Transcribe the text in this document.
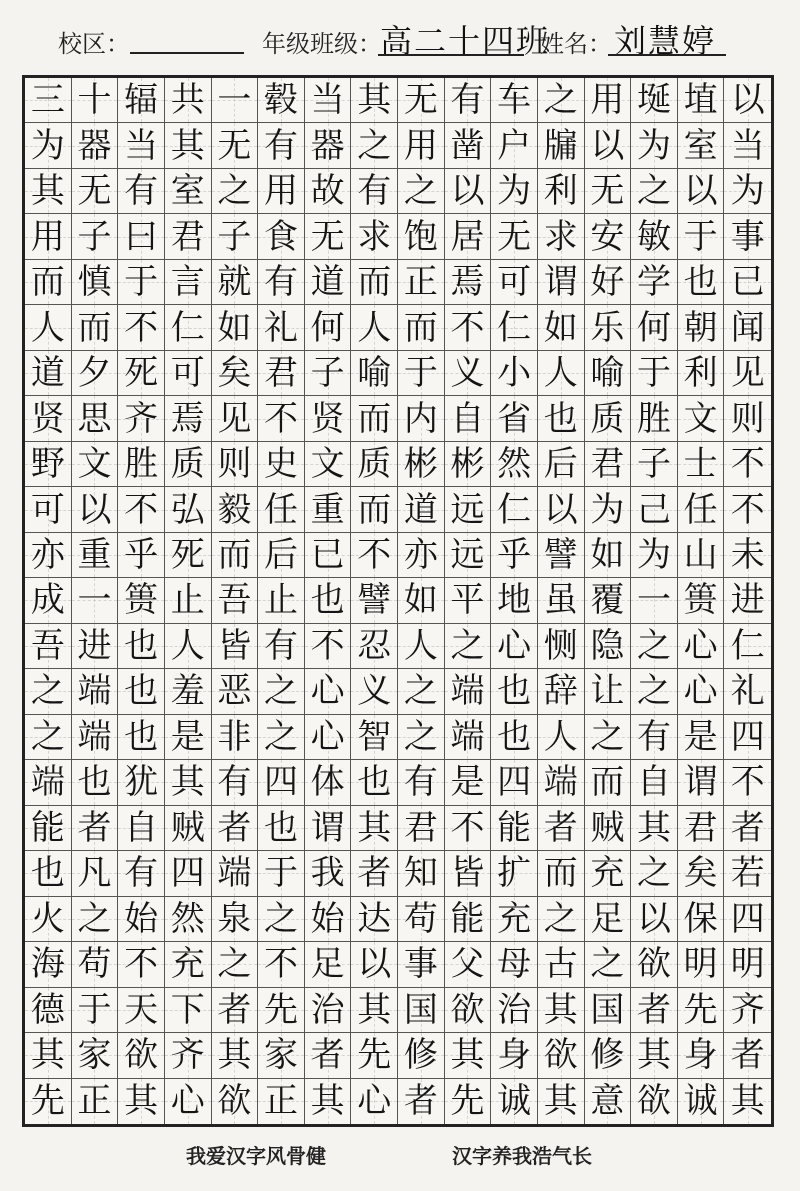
校区：	年级班级：
高二十四班
姓名： 刘慧婷
三 十 辐 共 一 毂 当 其 无 有 车 之 用 埏 埴 以
为 器 当 其 无 有 器 之 用 凿 户 牖 以 为 室 当
其 无 有 室 之 用 故 有 之 以 为 利 无 之 以 为
用 子 曰 君 子 食 无 求 饱 居 无 求 安 敏 于 事
而 慎 于 言 就 有 道 而 正 焉 可 谓 好 学 也 已
人 而 不 仁 如 礼 何 人 而 不 仁 如 乐 何 朝 闻
道 夕 死 可 矣 君 子 喻 于 义 小 人 喻 于 利 见
贤 思 齐 焉 见 不 贤 而 内 自 省 也 质 胜 文 则
野 文 胜 质 则 史 文 质 彬 彬 然 后 君 子 士 不
可 以 不 弘 毅 任 重 而 道 远 仁 以 为 己 任 不
亦 重 乎 死 而 后 已 不 亦 远 乎 譬 如 为 山 未
成 一 篑 止 吾 止 也 譬 如 平 地 虽 覆 一 篑 进
吾 进 也 人 皆 有 不 忍 人 之 心 恻 隐 之 心 仁
之 端 也 羞 恶 之 心 义 之 端 也 辞 让 之 心 礼
之 端 也 是 非 之 心 智 之 端 也 人 之 有 是 四
端 也 犹 其 有 四 体 也 有 是 四 端 而 自 谓 不
能 者 自 贼 者 也 谓 其 君 不 能 者 贼 其 君 者
也 凡 有 四 端 于 我 者 知 皆 扩 而 充 之 矣 若
火 之 始 然 泉 之 始 达 苟 能 充 之 足 以 保 四
海 苟 不 充 之 不 足 以 事 父 母 古 之 欲 明 明
德 于 天 下 者 先 治 其 国 欲 治 其 国 者 先 齐
其 家 欲 齐 其 家 者 先 修 其 身 欲 修 其 身 者
先 正 其 心 欲 正 其 心 者 先 诚 其 意 欲 诚 其
我爱汉字风骨健	汉字养我浩气长
